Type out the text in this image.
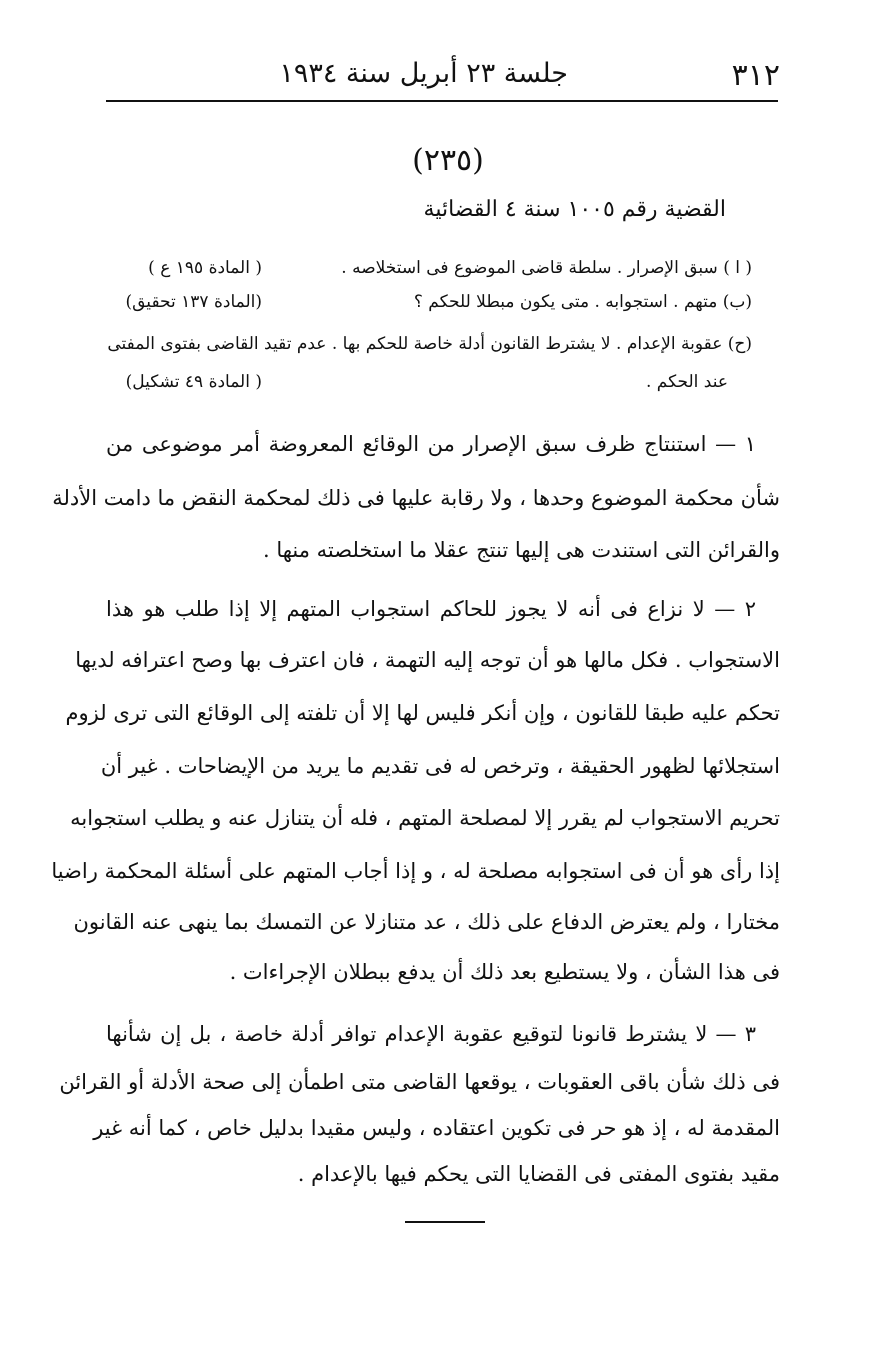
٣١٢
جلسة ٢٣ أبريل سنة ١٩٣٤
(٢٣٥)
القضية رقم ١٠٠٥ سنة ٤ القضائية
( ا ) سبق الإصرار . سلطة قاضى الموضوع فى استخلاصه .
( المادة ١٩٥ ع )
(ب) متهم . استجوابه . متى يكون مبطلا للحكم ؟
(المادة ١٣٧ تحقيق)
(ح) عقوبة الإعدام . لا يشترط القانون أدلة خاصة للحكم بها . عدم تقيد القاضى بفتوى المفتى
عند الحكم .
( المادة ٤٩ تشكيل)
١ — استنتاج ظرف سبق الإصرار من الوقائع المعروضة أمر موضوعى من
شأن محكمة الموضوع وحدها ، ولا رقابة عليها فى ذلك لمحكمة النقض ما دامت الأدلة
والقرائن التى استندت هى إليها تنتج عقلا ما استخلصته منها .
٢ — لا نزاع فى أنه لا يجوز للحاكم استجواب المتهم إلا إذا طلب هو هذا
الاستجواب . فكل مالها هو أن توجه إليه التهمة ، فان اعترف بها وصح اعترافه لديها
تحكم عليه طبقا للقانون ، وإن أنكر فليس لها إلا أن تلفته إلى الوقائع التى ترى لزوم
استجلائها لظهور الحقيقة ، وترخص له فى تقديم ما يريد من الإيضاحات . غير أن
تحريم الاستجواب لم يقرر إلا لمصلحة المتهم ، فله أن يتنازل عنه و يطلب استجوابه
إذا رأى هو أن فى استجوابه مصلحة له ، و إذا أجاب المتهم على أسئلة المحكمة راضيا
مختارا ، ولم يعترض الدفاع على ذلك ، عد متنازلا عن التمسك بما ينهى عنه القانون
فى هذا الشأن ، ولا يستطيع بعد ذلك أن يدفع ببطلان الإجراءات .
٣ — لا يشترط قانونا لتوقيع عقوبة الإعدام توافر أدلة خاصة ، بل إن شأنها
فى ذلك شأن باقى العقوبات ، يوقعها القاضى متى اطمأن إلى صحة الأدلة أو القرائن
المقدمة له ، إذ هو حر فى تكوين اعتقاده ، وليس مقيدا بدليل خاص ، كما أنه غير
مقيد بفتوى المفتى فى القضايا التى يحكم فيها بالإعدام .
